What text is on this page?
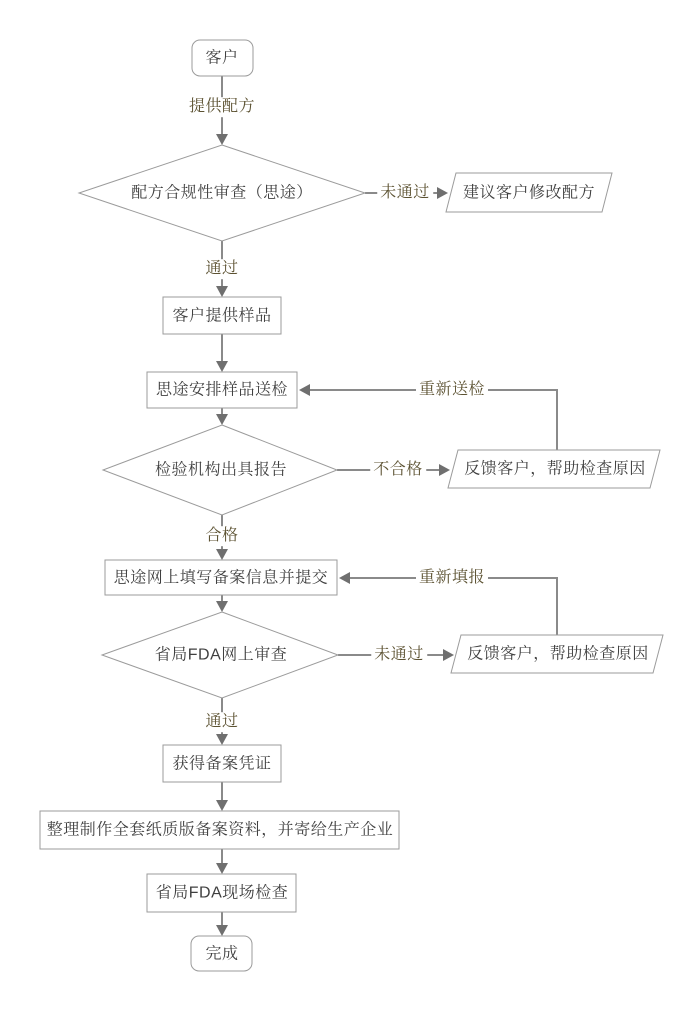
客户
配方合规性审查（思途）	建议客户修改配方
客户提供样品
思途安排样品送检
检验机构出具报告	反馈客户，帮助检查原因
思途网上填写备案信息并提交
省局FDA网上审查	反馈客户，帮助检查原因
获得备案凭证
整理制作全套纸质版备案资料，并寄给生产企业
省局FDA现场检查
完成
提供配方
未通过
通过
重新送检
不合格
合格
重新填报
未通过
通过
